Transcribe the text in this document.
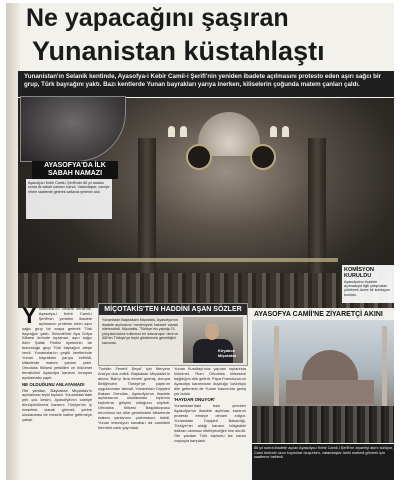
Ne yapacağını şaşıran
Yunanistan küstahlaştı
Yunanistan'ın Selanik kentinde, Ayasofya-i Kebir Camii-i Şerifi'nin yeniden ibadete açılmasını protesto eden aşırı sağcı bir grup, Türk bayrağını yaktı. Bazı kentlerde Yunan bayrakları yarıya inerken, kiliselerin çoğunda matem çanları çaldı.
AYASOFYA'DA İLK SABAH NAMAZI
Ayasofya-i Kebir Camii-i Şerifi'nde 86 yıl aradan sonra ilk sabah namazı kılındı. Vatandaşlar, camiye erken saatlerde gelerek saflarda yerlerini aldı.
KOMİSYON KURULDU

Ayasofya'nın ibadete açılmasıyla ilgili çalışmaları yürütmek üzere bir komisyon kuruldu.

Y unanistan'ın Selanik kentinde, Ayasofya-i Kebir Camii-i Şerifi'nin yeniden ibadete açılmasını protesto eden aşırı sağcı grup bir araya gelerek Türk bayrağını yaktı. Selanik'teki Aya Sofya Kilisesi önünde toplanan, aşırı sağcı Altın Şafak Partisi üyelerinin de bulunduğu grup Türk bayrağını ateşe verdi. Yunanistan'ın çeşitli kentlerinde Yunan bayrakları yarıya indirildi, kiliselerde matem çanları çaldı. Ortodoks Kilisesi yetkilileri ve hükümet temsilcileri Ayasofya kararını kınayan açıklamalar yaptı.
NE OLDUĞUNU ANLAYAMADI
Öte yandan, Başbakan Miçotakis'in açıklaması tepki topladı. Yunanistan'daki pek çok kesim, Ayasofya'nın camiye dönüştürülmesi kararını Türkiye'nin iç meselesi olarak görmek yerine uluslararası bir mesele haline getirmeye çalıştı.
MİÇOTAKİS'TEN HADDİNİ AŞAN SÖZLER
Yunanistan Başbakanı Miçotakis, Ayasofya'nın ibadete açılmasını 'medeniyete hakaret' olarak nitelendirdi. Miçotakis, 'Türkiye'nin yaptığı 21. yüzyılda kabul edilemez bir davranıştır' dedi ve AB'nin Türkiye'ye tepki göstermesi gerektiğini savundu.
Kiryakos Miçotakis
'Turistin Fenerli Şeysi' İçin Meryem Ana'ya dua edildi. Başbakan Miçotakis'in aklına 'Batı'yı ikna etmek' gelmiş, Avrupa Birliği'nden Türkiye'ye yaptırım uygulanması istendi. Yunanistan Dışişleri Bakanı Dendias, Ayasofya'nın ibadete açılmasının uluslararası toplumu kışkırtma girişimi olduğunu söyledi. Ortodoks Kilisesi Başpiskoposu Ieronimos ise ülke genelindeki kiliselerde matem çanlarının çalınmasını istedi. Yunan televizyon kanalları da camideki törenleri canlı yayınladı.
Yunan Kurultayı'nda yapılan toplantıda hükümet, Rum Ortodoks kilisesine bağlılığını dile getirdi. Papa Franciscus'un Ayasofya kararından duyduğu üzüntüyü dile getirmesi de Yunan basınında geniş yer buldu.
'HAYDAR ONUYOR'
Yunanistan'daki bazı çevreler Ayasofya'nın ibadete açılması kararını protesto etmeye devam ediyor. Yunanistan Dışişleri Bakanlığı, Türkiye'nin aldığı kararın bölgedeki istikrarı olumsuz etkileyeceğini öne sürdü. Öte yandan Türk toplumu ise kararı coşkuyla karşıladı.
AYASOFYA CAMİİ'NE ZİYARETÇİ AKINI
86 yıl sonra ibadete açılan Ayasofya-i Kebir Camii-i Şerifi'ne ziyaretçi akını sürüyor. Cami önünde uzun kuyruklar oluşurken, vatandaşlar tarihi mabedi görmek için saatlerce bekledi.
